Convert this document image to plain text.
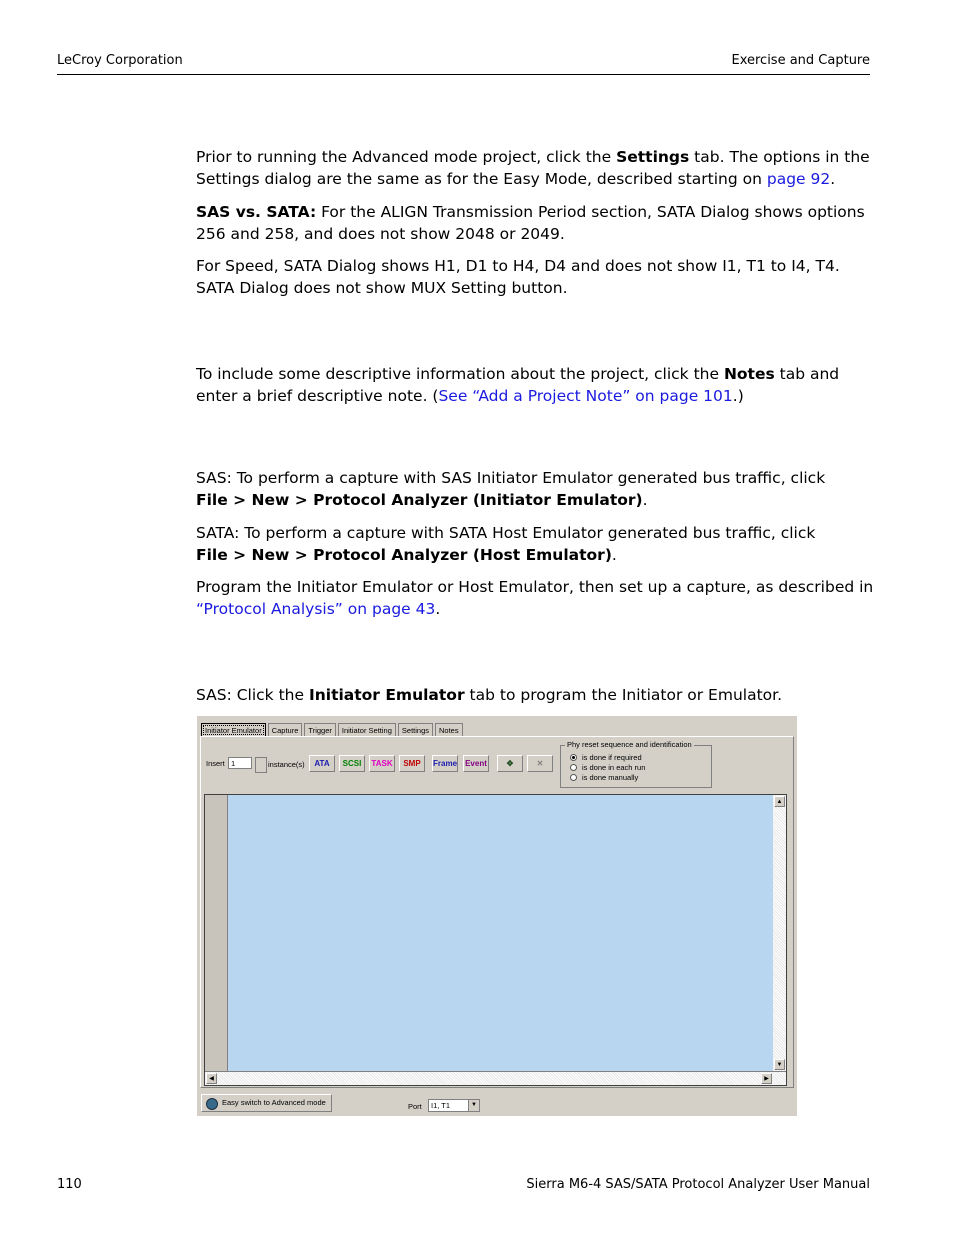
LeCroy Corporation	Exercise and Capture
Prior to running the Advanced mode project, click the Settings tab. The options in the Settings dialog are the same as for the Easy Mode, described starting on page 92.
SAS vs. SATA: For the ALIGN Transmission Period section, SATA Dialog shows options 256 and 258, and does not show 2048 or 2049.
For Speed, SATA Dialog shows H1, D1 to H4, D4 and does not show I1, T1 to I4, T4.
SATA Dialog does not show MUX Setting button.
To include some descriptive information about the project, click the Notes tab and enter a brief descriptive note. (See “Add a Project Note” on page 101.)
SAS: To perform a capture with SAS Initiator Emulator generated bus traffic, click
File > New > Protocol Analyzer (Initiator Emulator).
SATA: To perform a capture with SATA Host Emulator generated bus traffic, click
File > New > Protocol Analyzer (Host Emulator).
Program the Initiator Emulator or Host Emulator, then set up a capture, as described in “Protocol Analysis” on page 43.
SAS: Click the Initiator Emulator tab to program the Initiator or Emulator.
Initiator Emulator	Capture	Trigger	Initiator Setting	Settings	Notes
Insert 1	instance(s)	ATA	SCSI	TASK	SMP	Frame Event	✥	✕
Phy reset sequence and identification
is done if required
is done in each run
is done manually
▲
▼
◀	▶
Easy switch to Advanced mode	Port	I1, T1	▼
110	Sierra M6-4 SAS/SATA Protocol Analyzer User Manual
